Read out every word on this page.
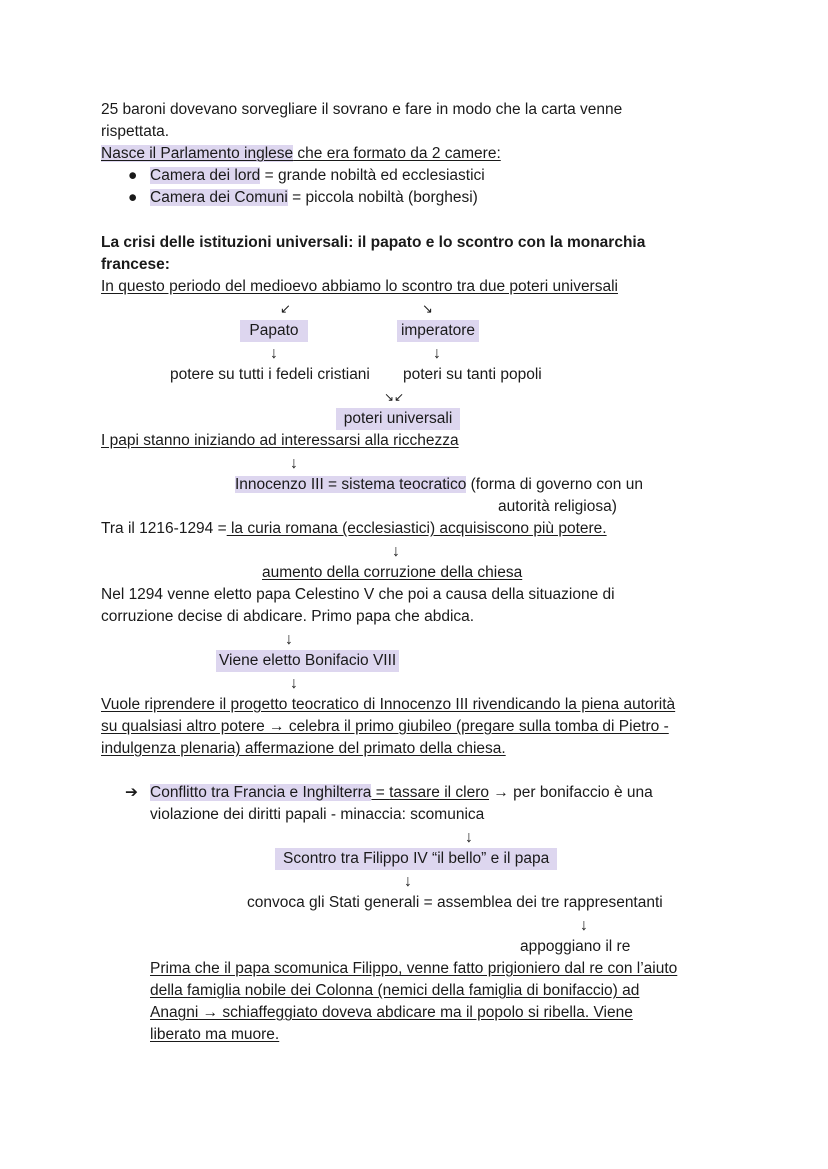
25 baroni dovevano sorvegliare il sovrano e fare in modo che la carta venne
rispettata.
Nasce il Parlamento inglese che era formato da 2 camere:
● Camera dei lord = grande nobiltà ed ecclesiastici
● Camera dei Comuni = piccola nobiltà (borghesi)
La crisi delle istituzioni universali: il papato e lo scontro con la monarchia
francese:
In questo periodo del medioevo abbiamo lo scontro tra due poteri universali
↙	↘
Papato	imperatore
↓	↓
potere su tutti i fedeli cristiani poteri su tanti popoli
↘↙
poteri universali
I papi stanno iniziando ad interessarsi alla ricchezza
↓
Innocenzo III = sistema teocratico (forma di governo con un
autorità religiosa)
Tra il 1216-1294 = la curia romana (ecclesiastici) acquisiscono più potere.
↓
aumento della corruzione della chiesa
Nel 1294 venne eletto papa Celestino V che poi a causa della situazione di
corruzione decise di abdicare. Primo papa che abdica.
↓
Viene eletto Bonifacio VIII
↓
Vuole riprendere il progetto teocratico di Innocenzo III rivendicando la piena autorità
su qualsiasi altro potere → celebra il primo giubileo (pregare sulla tomba di Pietro -
indulgenza plenaria) affermazione del primato della chiesa.
➔ Conflitto tra Francia e Inghilterra = tassare il clero → per bonifaccio è una
violazione dei diritti papali - minaccia: scomunica
↓
Scontro tra Filippo IV “il bello” e il papa
↓
convoca gli Stati generali = assemblea dei tre rappresentanti
↓
appoggiano il re
Prima che il papa scomunica Filippo, venne fatto prigioniero dal re con l’aiuto
della famiglia nobile dei Colonna (nemici della famiglia di bonifaccio) ad
Anagni → schiaffeggiato doveva abdicare ma il popolo si ribella. Viene
liberato ma muore.
